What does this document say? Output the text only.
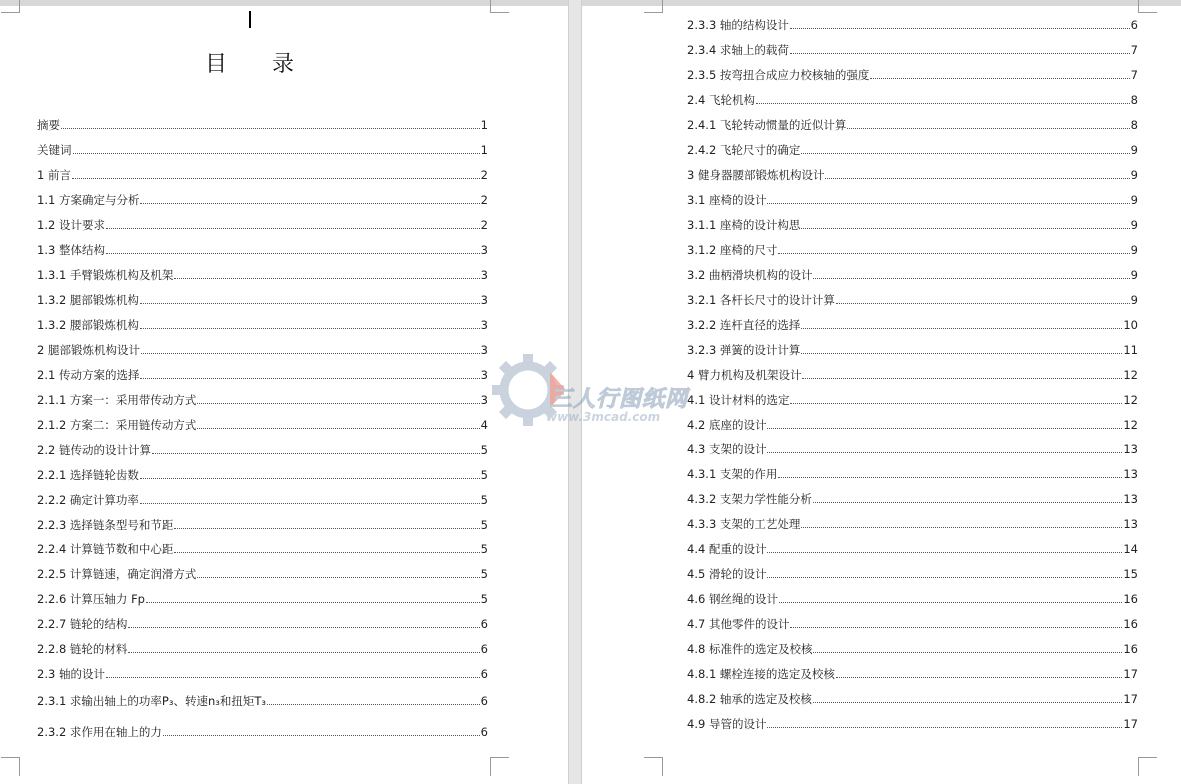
目录
摘要	1
关键词	1
1 前言	2
1.1 方案确定与分析	2
1.2 设计要求	2
1.3 整体结构	3
1.3.1 手臂锻炼机构及机架	3
1.3.2 腿部锻炼机构	3
1.3.2 腰部锻炼机构	3
2 腿部锻炼机构设计	3
2.1 传动方案的选择	3
2.1.1 方案一：采用带传动方式	3
2.1.2 方案二：采用链传动方式	4
2.2 链传动的设计计算	5
2.2.1 选择链轮齿数	5
2.2.2 确定计算功率	5
2.2.3 选择链条型号和节距	5
2.2.4 计算链节数和中心距	5
2.2.5 计算链速，确定润滑方式	5
2.2.6 计算压轴力 Fp	5
2.2.7 链轮的结构	6
2.2.8 链轮的材料	6
2.3 轴的设计	6
2.3.1 求输出轴上的功率P₃、转速n₃和扭矩T₃	6
2.3.2 求作用在轴上的力	6
2.3.3 轴的结构设计	6
2.3.4 求轴上的载荷	7
2.3.5 按弯扭合成应力校核轴的强度	7
2.4 飞轮机构	8
2.4.1 飞轮转动惯量的近似计算	8
2.4.2 飞轮尺寸的确定	9
3 健身器腰部锻炼机构设计	9
3.1 座椅的设计	9
3.1.1 座椅的设计构思	9
3.1.2 座椅的尺寸	9
3.2 曲柄滑块机构的设计	9
3.2.1 各杆长尺寸的设计计算	9
3.2.2 连杆直径的选择	10
3.2.3 弹簧的设计计算	11
4 臂力机构及机架设计	12
4.1 设计材料的选定	12
4.2 底座的设计	12
4.3 支架的设计	13
4.3.1 支架的作用	13
4.3.2 支架力学性能分析	13
4.3.3 支架的工艺处理	13
4.4 配重的设计	14
4.5 滑轮的设计	15
4.6 钢丝绳的设计	16
4.7 其他零件的设计	16
4.8 标准件的选定及校核	16
4.8.1 螺栓连接的选定及校核	17
4.8.2 轴承的选定及校核	17
4.9 导管的设计	17
三人行图纸网
www.3mcad.com
